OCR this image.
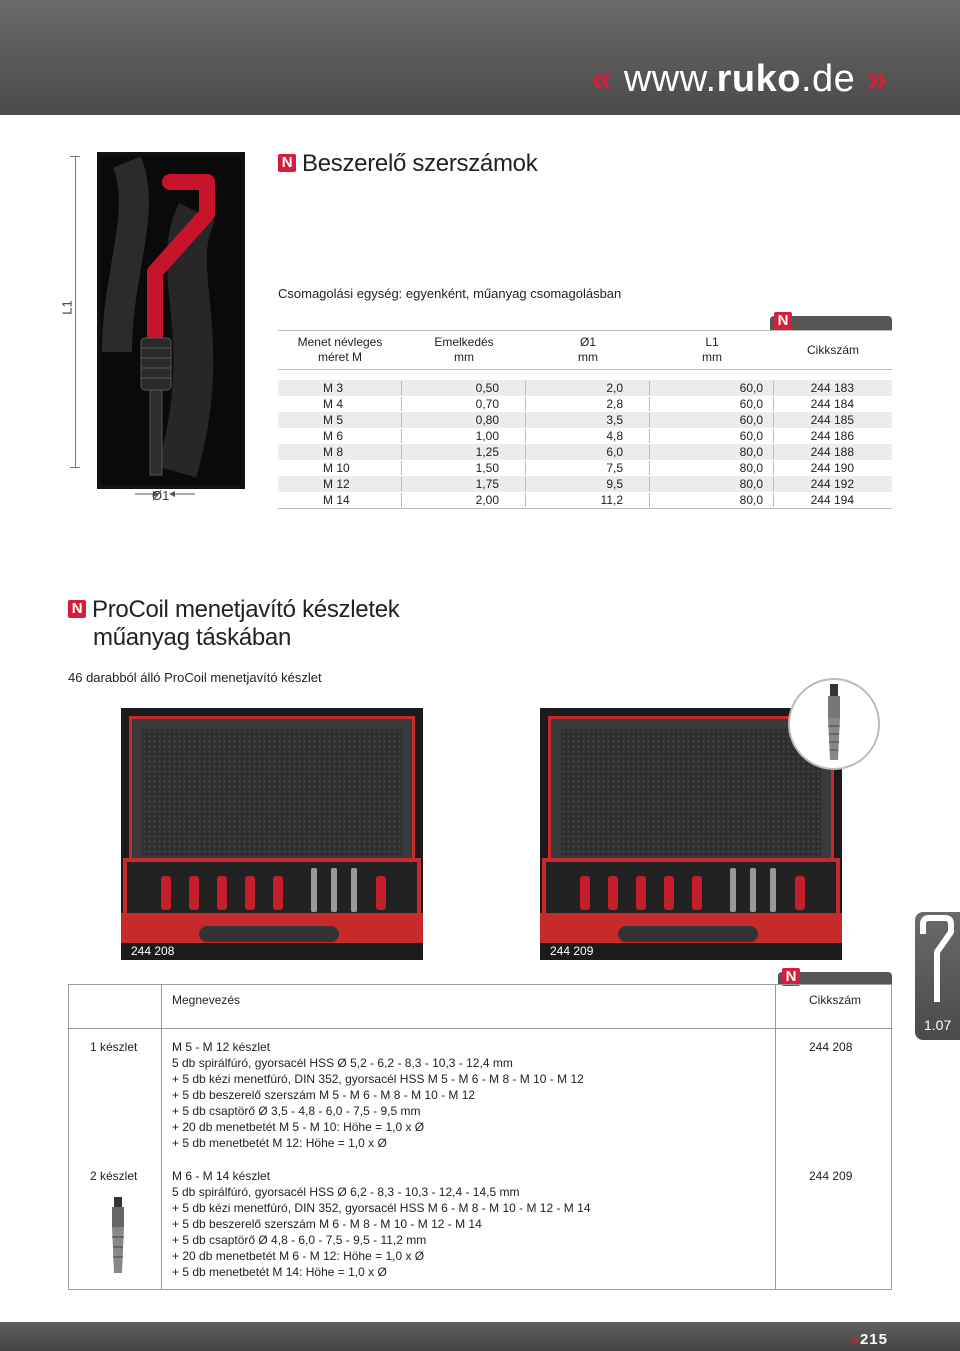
« www.ruko.de »
L1
Ø1
N Beszerelő szerszámok
Csomagolási egység: egyenként, műanyag csomagolásban
N
Menet névleges
méret M
Emelkedés
mm
Ø1
mm
L1
mm
Cikkszám
M 3	0,50	2,0	60,0	244 183
M 4	0,70	2,8	60,0	244 184
M 5	0,80	3,5	60,0	244 185
M 6	1,00	4,8	60,0	244 186
M 8	1,25	6,0	80,0	244 188
M 10	1,50	7,5	80,0	244 190
M 12	1,75	9,5	80,0	244 192
M 14	2,00	11,2	80,0	244 194
N ProCoil menetjavító készletek
műanyag táskában
46 darabból álló ProCoil menetjavító készlet
244 208	244 209
N
Megnevezés	Cikkszám
1 készlet	M 5 - M 12 készlet
5 db spirálfúró, gyorsacél HSS Ø 5,2 - 6,2 - 8,3 - 10,3 - 12,4 mm
+ 5 db kézi menetfúró, DIN 352, gyorsacél HSS M 5 - M 6 - M 8 - M 10 - M 12
+ 5 db beszerelő szerszám M 5 - M 6 - M 8 - M 10 - M 12
+ 5 db csaptörő Ø 3,5 - 4,8 - 6,0 - 7,5 - 9,5 mm
+ 20 db menetbetét M 5 - M 10: Höhe = 1,0 x Ø
+ 5 db menetbetét M 12: Höhe = 1,0 x Ø
244 208
2 készlet	M 6 - M 14 készlet
5 db spirálfúró, gyorsacél HSS Ø 6,2 - 8,3 - 10,3 - 12,4 - 14,5 mm
+ 5 db kézi menetfúró, DIN 352, gyorsacél HSS M 6 - M 8 - M 10 - M 12 - M 14
+ 5 db beszerelő szerszám M 6 - M 8 - M 10 - M 12 - M 14
+ 5 db csaptörő Ø 4,8 - 6,0 - 7,5 - 9,5 - 11,2 mm
+ 20 db menetbetét M 6 - M 12: Höhe = 1,0 x Ø
+ 5 db menetbetét M 14: Höhe = 1,0 x Ø
244 209
1.07
»215
